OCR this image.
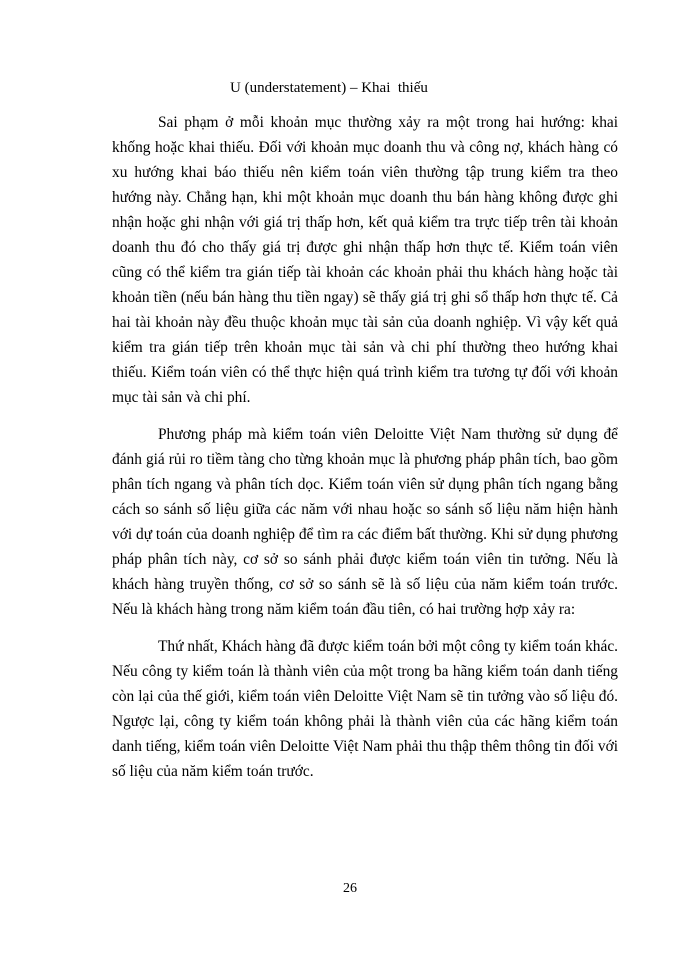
U (understatement) – Khai  thiếu

Sai phạm ở mỗi khoản mục thường xảy ra một trong hai hướng: khai khống hoặc khai thiếu. Đối với khoản mục doanh thu và công nợ, khách hàng có xu hướng khai báo thiếu nên kiểm toán viên thường tập trung kiểm tra theo hướng này. Chẳng hạn, khi một khoản mục doanh thu bán hàng không được ghi nhận hoặc ghi nhận với giá trị thấp hơn, kết quả kiểm tra trực tiếp trên tài khoản doanh thu đó cho thấy giá trị được ghi nhận thấp hơn thực tế. Kiểm toán viên cũng có thể kiểm tra gián tiếp tài khoản các khoản phải thu khách hàng hoặc tài khoản tiền (nếu bán hàng thu tiền ngay) sẽ thấy giá trị ghi sổ thấp hơn thực tế. Cả hai tài khoản này đều thuộc khoản mục tài sản của doanh nghiệp. Vì vậy kết quả kiểm tra gián tiếp trên khoản mục tài sản và chi phí thường theo hướng khai thiếu. Kiểm toán viên có thể thực hiện quá trình kiểm tra tương tự đối với khoản mục tài sản và chi phí.

Phương pháp mà kiểm toán viên Deloitte Việt Nam thường sử dụng để đánh giá rủi ro tiềm tàng cho từng khoản mục là phương pháp phân tích, bao gồm phân tích ngang và phân tích dọc. Kiểm toán viên sử dụng phân tích ngang bằng cách so sánh số liệu giữa các năm với nhau hoặc so sánh số liệu năm hiện hành với dự toán của doanh nghiệp để tìm ra các điểm bất thường. Khi sử dụng phương pháp phân tích này, cơ sở so sánh phải được kiểm toán viên tin tưởng. Nếu là khách hàng truyền thống, cơ sở so sánh sẽ là số liệu của năm kiểm toán trước. Nếu là khách hàng trong năm kiểm toán đầu tiên, có hai trường hợp xảy ra:

Thứ nhất, Khách hàng đã được kiểm toán bởi một công ty kiểm toán khác. Nếu công ty kiểm toán là thành viên của một trong ba hãng kiểm toán danh tiếng còn lại của thế giới, kiểm toán viên Deloitte Việt Nam sẽ tin tưởng vào số liệu đó. Ngược lại, công ty kiểm toán không phải là thành viên của các hãng kiểm toán danh tiếng, kiểm toán viên Deloitte Việt Nam phải thu thập thêm thông tin đối với số liệu của năm kiểm toán trước.

26
